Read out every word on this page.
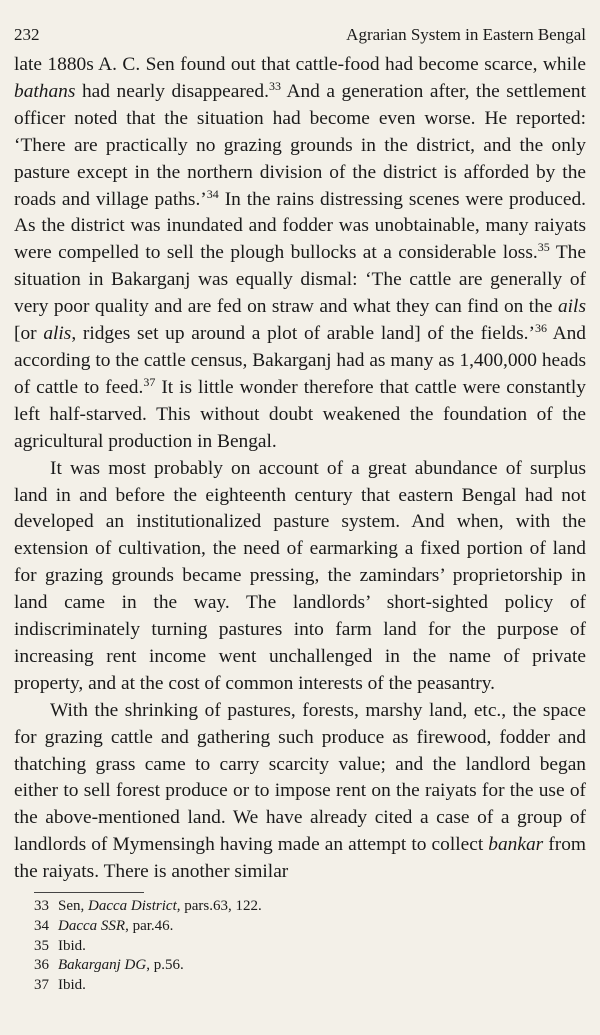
232	Agrarian System in Eastern Bengal

late 1880s A. C. Sen found out that cattle-food had become scarce, while bathans had nearly disappeared.$^{33}$ And a generation after, the settlement officer noted that the situation had become even worse. He reported: ‘There are practically no grazing grounds in the district, and the only pasture except in the northern division of the district is afforded by the roads and village paths.’$^{34}$ In the rains distressing scenes were produced. As the district was inundated and fodder was unobtainable, many raiyats were compelled to sell the plough bullocks at a considerable loss.$^{35}$ The situation in Bakarganj was equally dismal: ‘The cattle are generally of very poor quality and are fed on straw and what they can find on the ails [or alis, ridges set up around a plot of arable land] of the fields.’$^{36}$ And according to the cattle census, Bakarganj had as many as 1,400,000 heads of cattle to feed.$^{37}$ It is little wonder therefore that cattle were constantly left half-starved. This without doubt weakened the foundation of the agricultural production in Bengal.

It was most probably on account of a great abundance of surplus land in and before the eighteenth century that eastern Bengal had not developed an institutionalized pasture system. And when, with the extension of cultivation, the need of earmarking a fixed portion of land for grazing grounds became pressing, the zamindars’ proprietorship in land came in the way. The landlords’ short-sighted policy of indiscriminately turning pastures into farm land for the purpose of increasing rent income went unchallenged in the name of private property, and at the cost of common interests of the peasantry.

With the shrinking of pastures, forests, marshy land, etc., the space for grazing cattle and gathering such produce as firewood, fodder and thatching grass came to carry scarcity value; and the landlord began either to sell forest produce or to impose rent on the raiyats for the use of the above-mentioned land. We have already cited a case of a group of landlords of Mymensingh having made an attempt to collect bankar from the raiyats. There is another similar

33 Sen, Dacca District, pars.63, 122.
34 Dacca SSR, par.46.
35 Ibid.
36 Bakarganj DG, p.56.
37 Ibid.
